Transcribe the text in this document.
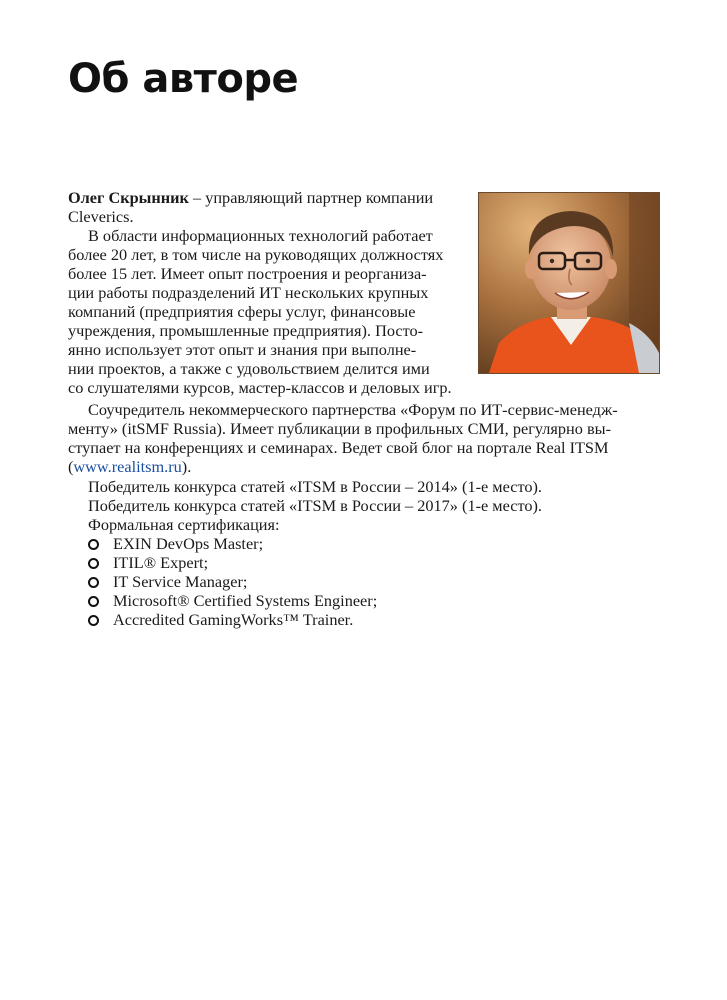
Об авторе
Олег Скрынник – управляющий партнер компании
Cleverics.
В области информационных технологий работает
более 20 лет, в том числе на руководящих должностях
более 15 лет. Имеет опыт построения и реорганиза-
ции работы подразделений ИТ нескольких крупных
компаний (предприятия сферы услуг, финансовые
учреждения, промышленные предприятия). Посто-
янно использует этот опыт и знания при выполне-
нии проектов, а также с удовольствием делится ими
со слушателями курсов, мастер-классов и деловых игр.
Соучредитель некоммерческого партнерства «Форум по ИТ-сервис-менедж-
менту» (itSMF Russia). Имеет публикации в профильных СМИ, регулярно вы-
ступает на конференциях и семинарах. Ведет свой блог на портале Real ITSM
(www.realitsm.ru).
Победитель конкурса статей «ITSM в России – 2014» (1-е место).
Победитель конкурса статей «ITSM в России – 2017» (1-е место).
Формальная сертификация:
EXIN DevOps Master;
ITIL® Expert;
IT Service Manager;
Microsoft® Certified Systems Engineer;
Accredited GamingWorks™ Trainer.
